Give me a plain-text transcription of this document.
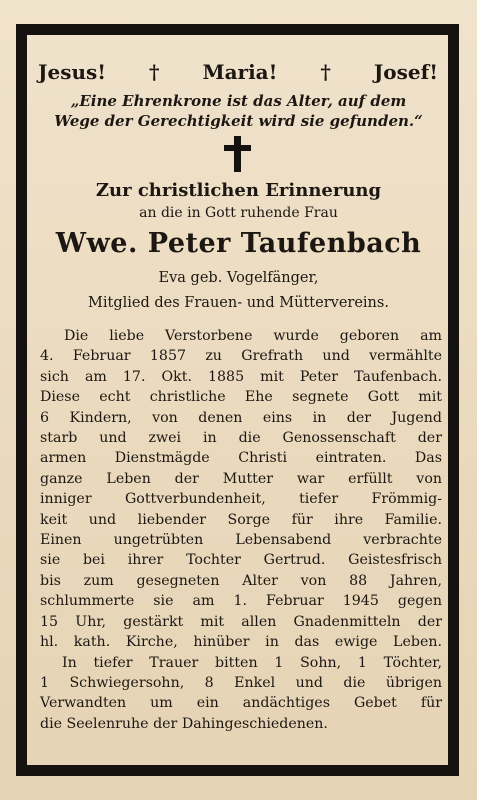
Jesus! † Maria! † Josef!
„Eine Ehrenkrone ist das Alter, auf dem
Wege der Gerechtigkeit wird sie gefunden.“
Zur christlichen Erinnerung
an die in Gott ruhende Frau
Wwe. Peter Taufenbach
Eva geb. Vogelfänger,
Mitglied des Frauen- und Müttervereins.
Die liebe Verstorbene wurde geboren am
4. Februar 1857 zu Grefrath und vermählte
sich am 17. Okt. 1885 mit Peter Taufenbach.
Diese echt christliche Ehe segnete Gott mit
6 Kindern, von denen eins in der Jugend
starb und zwei in die Genossenschaft der
armen Dienstmägde Christi eintraten. Das
ganze Leben der Mutter war erfüllt von
inniger Gottverbundenheit, tiefer Frömmig-
keit und liebender Sorge für ihre Familie.
Einen ungetrübten Lebensabend verbrachte
sie bei ihrer Tochter Gertrud. Geistesfrisch
bis zum gesegneten Alter von 88 Jahren,
schlummerte sie am 1. Februar 1945 gegen
15 Uhr, gestärkt mit allen Gnadenmitteln der
hl. kath. Kirche, hinüber in das ewige Leben.
In tiefer Trauer bitten 1 Sohn, 1 Töchter,
1 Schwiegersohn, 8 Enkel und die übrigen
Verwandten um ein andächtiges Gebet für
die Seelenruhe der Dahingeschiedenen.
